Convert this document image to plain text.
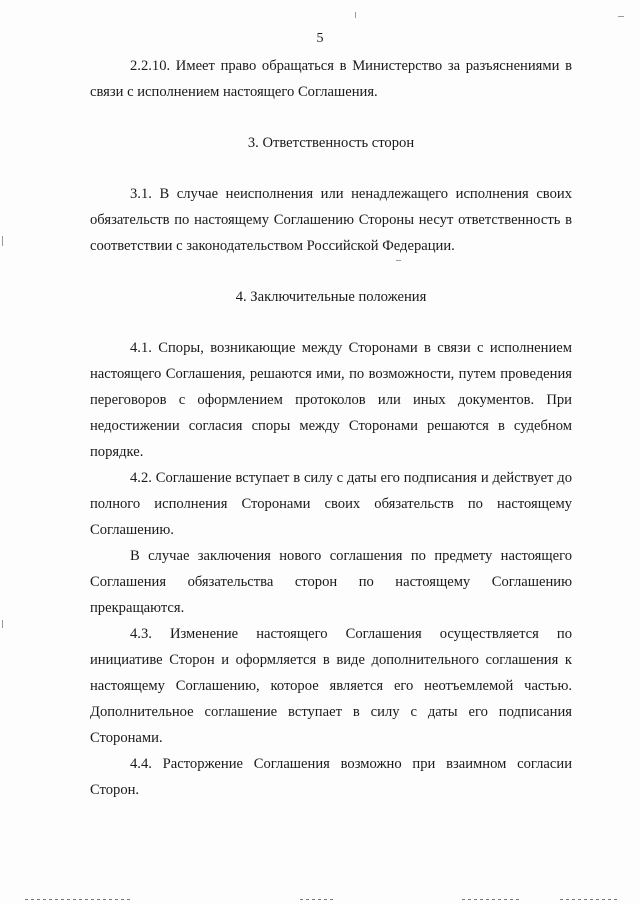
5

2.2.10. Имеет право обращаться в Министерство за разъяснениями в связи с исполнением настоящего Соглашения.

3. Ответственность сторон

3.1. В случае неисполнения или ненадлежащего исполнения своих обязательств по настоящему Соглашению Стороны несут ответственность в соответствии с законодательством Российской Федерации.

4. Заключительные положения

4.1. Споры, возникающие между Сторонами в связи с исполнением настоящего Соглашения, решаются ими, по возможности, путем проведения переговоров с оформлением протоколов или иных документов. При недостижении согласия споры между Сторонами решаются в судебном порядке.

4.2. Соглашение вступает в силу с даты его подписания и действует до полного исполнения Сторонами своих обязательств по настоящему Соглашению.

В случае заключения нового соглашения по предмету настоящего Соглашения обязательства сторон по настоящему Соглашению прекращаются.

4.3. Изменение настоящего Соглашения осуществляется по инициативе Сторон и оформляется в виде дополнительного соглашения к настоящему Соглашению, которое является его неотъемлемой частью. Дополнительное соглашение вступает в силу с даты его подписания Сторонами.

4.4. Расторжение Соглашения возможно при взаимном согласии Сторон.
